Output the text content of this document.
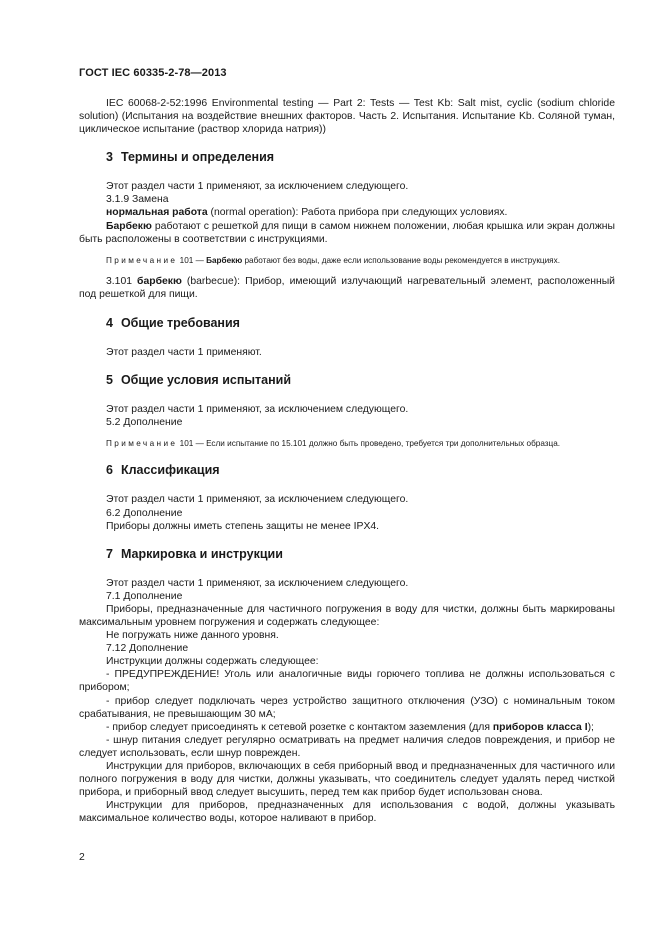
ГОСТ IEC 60335-2-78—2013

IEC 60068-2-52:1996 Environmental testing — Part 2: Tests — Test Kb: Salt mist, cyclic (sodium chloride solution) (Испытания на воздействие внешних факторов. Часть 2. Испытания. Испытание Kb. Соляной туман, циклическое испытание (раствор хлорида натрия))

3 Термины и определения

Этот раздел части 1 применяют, за исключением следующего.

3.1.9 Замена

нормальная работа (normal operation): Работа прибора при следующих условиях.

Барбекю работают с решеткой для пищи в самом нижнем положении, любая крышка или экран должны быть расположены в соответствии с инструкциями.

Примечание 101 — Барбекю работают без воды, даже если использование воды рекомендуется в инструкциях.

3.101 барбекю (barbecue): Прибор, имеющий излучающий нагревательный элемент, расположенный под решеткой для пищи.

4 Общие требования

Этот раздел части 1 применяют.

5 Общие условия испытаний

Этот раздел части 1 применяют, за исключением следующего.

5.2 Дополнение

Примечание 101 — Если испытание по 15.101 должно быть проведено, требуется три дополнительных образца.

6 Классификация

Этот раздел части 1 применяют, за исключением следующего.

6.2 Дополнение

Приборы должны иметь степень защиты не менее IPX4.

7 Маркировка и инструкции

Этот раздел части 1 применяют, за исключением следующего.

7.1 Дополнение

Приборы, предназначенные для частичного погружения в воду для чистки, должны быть маркированы максимальным уровнем погружения и содержать следующее:

Не погружать ниже данного уровня.

7.12 Дополнение

Инструкции должны содержать следующее:

- ПРЕДУПРЕЖДЕНИЕ! Уголь или аналогичные виды горючего топлива не должны использоваться с прибором;

- прибор следует подключать через устройство защитного отключения (УЗО) с номинальным током срабатывания, не превышающим 30 мА;

- прибор следует присоединять к сетевой розетке с контактом заземления (для приборов класса I);

- шнур питания следует регулярно осматривать на предмет наличия следов повреждения, и прибор не следует использовать, если шнур поврежден.

Инструкции для приборов, включающих в себя приборный ввод и предназначенных для частичного или полного погружения в воду для чистки, должны указывать, что соединитель следует удалять перед чисткой прибора, и приборный ввод следует высушить, перед тем как прибор будет использован снова.

Инструкции для приборов, предназначенных для использования с водой, должны указывать максимальное количество воды, которое наливают в прибор.

2
